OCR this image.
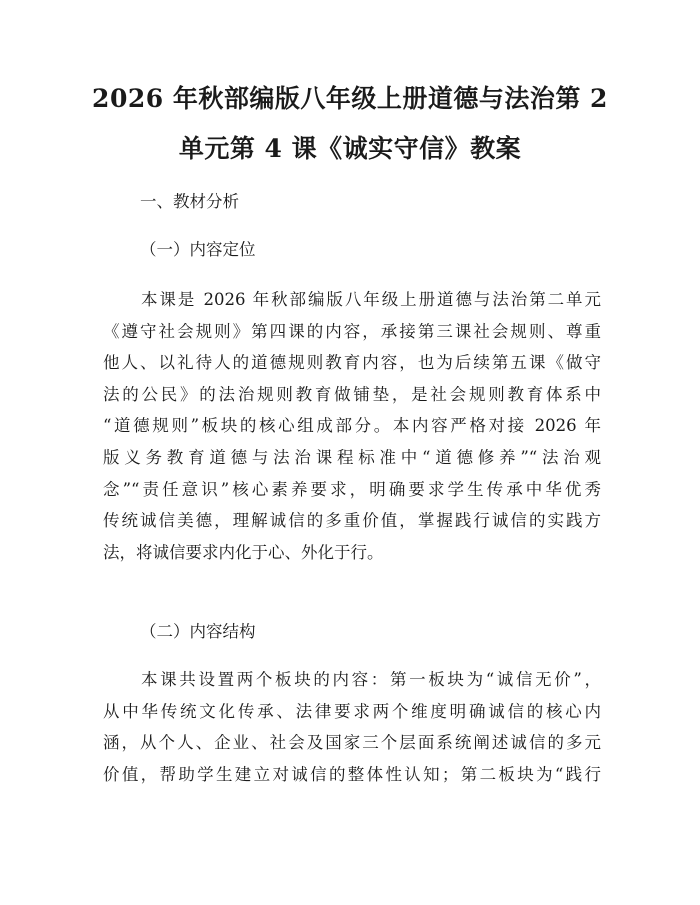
2026 年秋部编版八年级上册道德与法治第 2
单元第 4 课《诚实守信》教案
一、教材分析
（一）内容定位
本课是 2026 年秋部编版八年级上册道德与法治第二单元
《遵守社会规则》第四课的内容，承接第三课社会规则、尊重
他人、以礼待人的道德规则教育内容，也为后续第五课《做守
法的公民》的法治规则教育做铺垫，是社会规则教育体系中
“道德规则”板块的核心组成部分。本内容严格对接 2026 年
版义务教育道德与法治课程标准中“道德修养”“法治观
念”“责任意识”核心素养要求，明确要求学生传承中华优秀
传统诚信美德，理解诚信的多重价值，掌握践行诚信的实践方
法，将诚信要求内化于心、外化于行。
（二）内容结构
本课共设置两个板块的内容：第一板块为“诚信无价”，
从中华传统文化传承、法律要求两个维度明确诚信的核心内
涵，从个人、企业、社会及国家三个层面系统阐述诚信的多元
价值，帮助学生建立对诚信的整体性认知；第二板块为“践行
